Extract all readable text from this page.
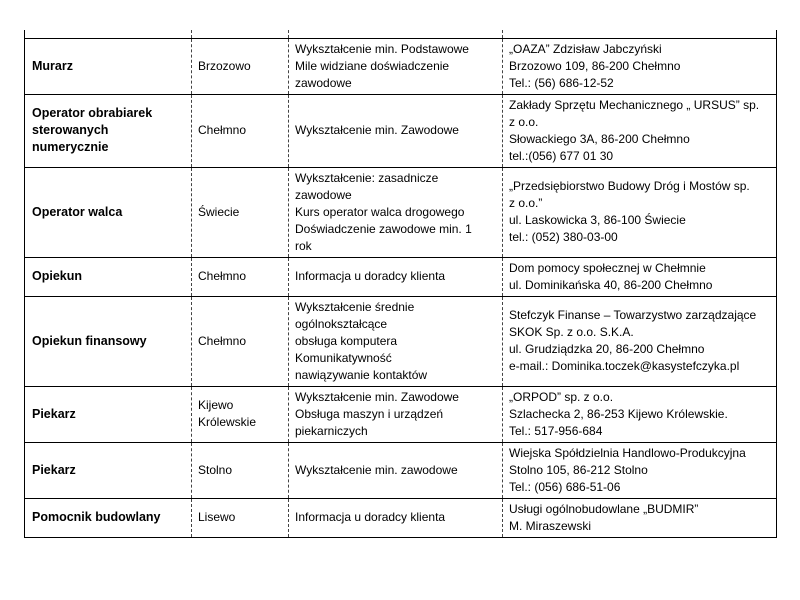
Murarz	Brzozowo	Wykształcenie min. Podstawowe
Mile widziane doświadczenie
zawodowe	„OAZA” Zdzisław Jabczyński
Brzozowo 109, 86-200 Chełmno
Tel.: (56) 686-12-52

Operator obrabiarek
sterowanych
numerycznie	Chełmno	Wykształcenie min. Zawodowe	Zakłady Sprzętu Mechanicznego „ URSUS” sp.
z o.o.
Słowackiego 3A, 86-200 Chełmno
tel.:(056) 677 01 30

Operator walca	Świecie	Wykształcenie: zasadnicze
zawodowe
Kurs operator walca drogowego
Doświadczenie zawodowe min. 1
rok	„Przedsiębiorstwo Budowy Dróg i Mostów sp.
z o.o.”
ul. Laskowicka 3, 86-100 Świecie
tel.: (052) 380-03-00

Opiekun	Chełmno	Informacja u doradcy klienta	Dom pomocy społecznej w Chełmnie
ul. Dominikańska 40, 86-200 Chełmno

Opiekun finansowy	Chełmno	Wykształcenie średnie
ogólnokształcące
obsługa komputera
Komunikatywność
nawiązywanie kontaktów	Stefczyk Finanse – Towarzystwo zarządzające
SKOK Sp. z o.o. S.K.A.
ul. Grudziądzka 20, 86-200 Chełmno
e-mail.: Dominika.toczek@kasystefczyka.pl

Piekarz	Kijewo
Królewskie	Wykształcenie min. Zawodowe
Obsługa maszyn i urządzeń
piekarniczych	„ORPOD” sp. z o.o.
Szlachecka 2, 86-253 Kijewo Królewskie.
Tel.: 517-956-684

Piekarz	Stolno	Wykształcenie min. zawodowe	Wiejska Spółdzielnia Handlowo-Produkcyjna
Stolno 105, 86-212 Stolno
Tel.: (056) 686-51-06

Pomocnik budowlany	Lisewo	Informacja u doradcy klienta	Usługi ogólnobudowlane „BUDMIR”
M. Miraszewski
